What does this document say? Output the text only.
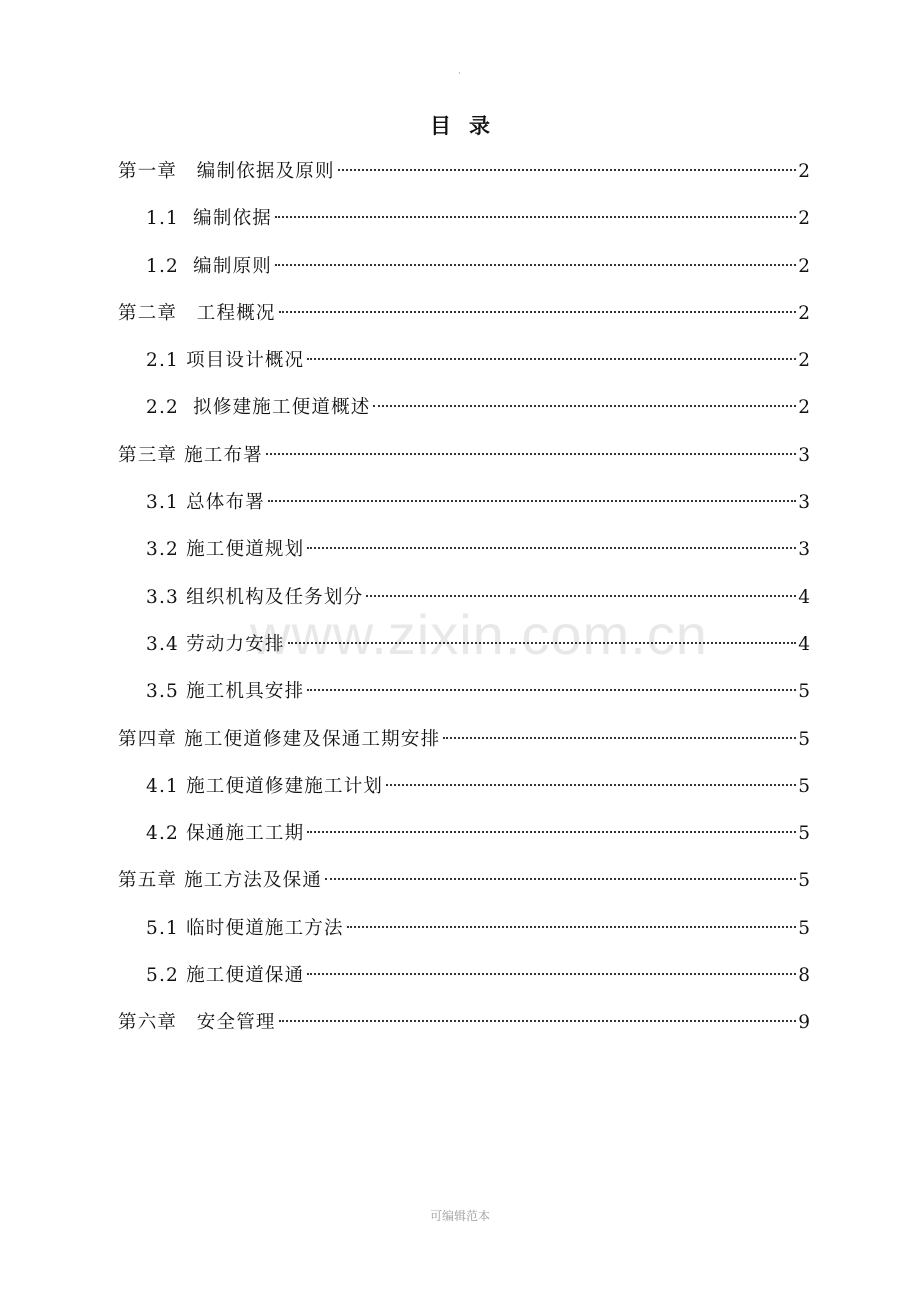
·
目 录
第一章　编制依据及原则	2
1.1  编制依据	2
1.2  编制原则	2
第二章　工程概况	2
2.1 项目设计概况	2
2.2  拟修建施工便道概述	2
第三章 施工布署	3
3.1 总体布署	3
3.2 施工便道规划	3
3.3 组织机构及任务划分	4
3.4 劳动力安排	4
3.5 施工机具安排	5
第四章 施工便道修建及保通工期安排	5
4.1 施工便道修建施工计划	5
4.2 保通施工工期	5
第五章 施工方法及保通	5
5.1 临时便道施工方法	5
5.2 施工便道保通	8
第六章　安全管理	9
www.zixin.com.cn
可编辑范本
